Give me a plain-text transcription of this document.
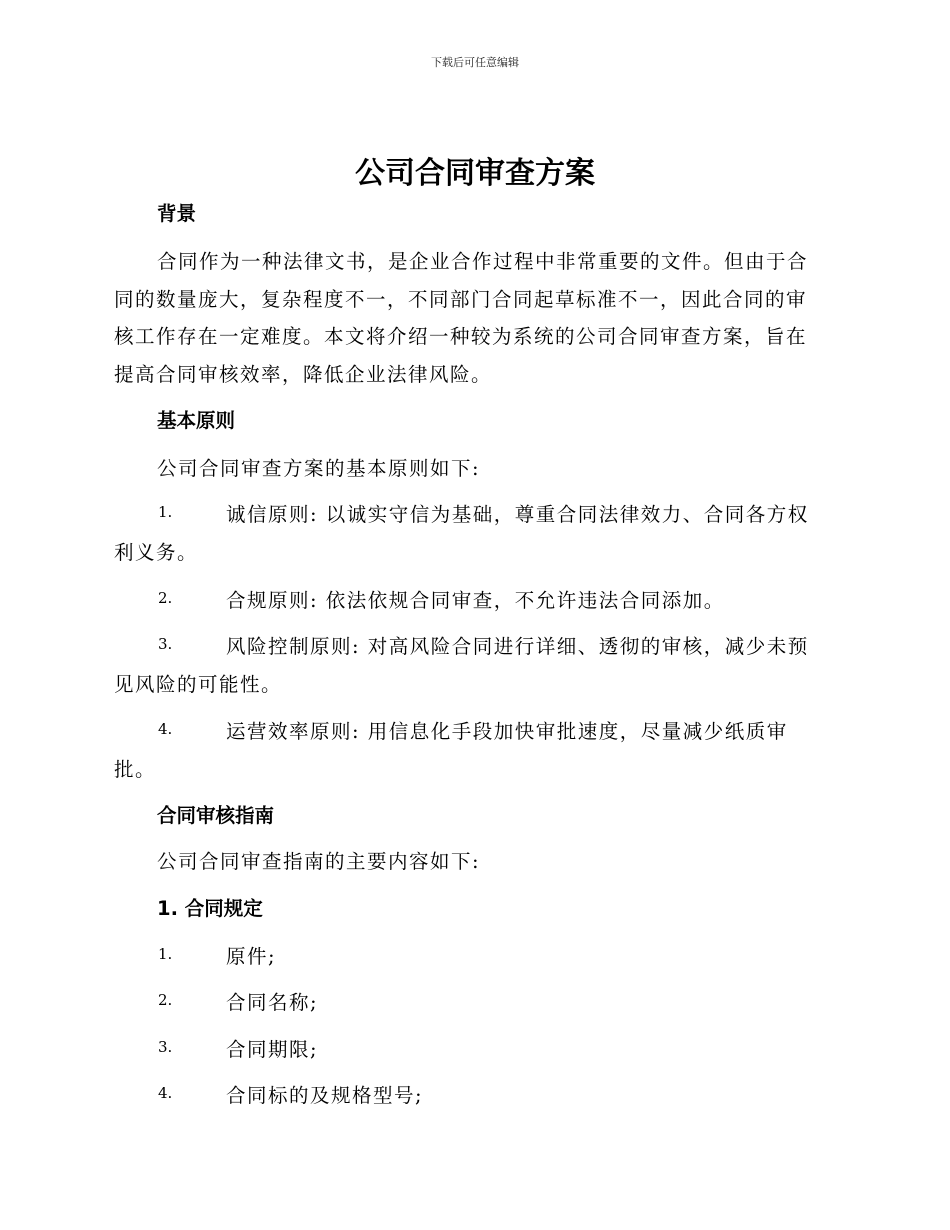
下载后可任意编辑
公司合同审查方案
背景
合同作为一种法律文书，是企业合作过程中非常重要的文件。但由于合
同的数量庞大，复杂程度不一，不同部门合同起草标准不一，因此合同的审
核工作存在一定难度。本文将介绍一种较为系统的公司合同审查方案，旨在
提高合同审核效率，降低企业法律风险。
基本原则
公司合同审查方案的基本原则如下:
1.	诚信原则: 以诚实守信为基础，尊重合同法律效力、合同各方权
利义务。
2.	合规原则: 依法依规合同审查，不允许违法合同添加。
3.	风险控制原则: 对高风险合同进行详细、透彻的审核，减少未预
见风险的可能性。
4.	运营效率原则: 用信息化手段加快审批速度，尽量减少纸质审
批。
合同审核指南
公司合同审查指南的主要内容如下:
1. 合同规定
1.	原件;
2.	合同名称;
3.	合同期限;
4.	合同标的及规格型号;
